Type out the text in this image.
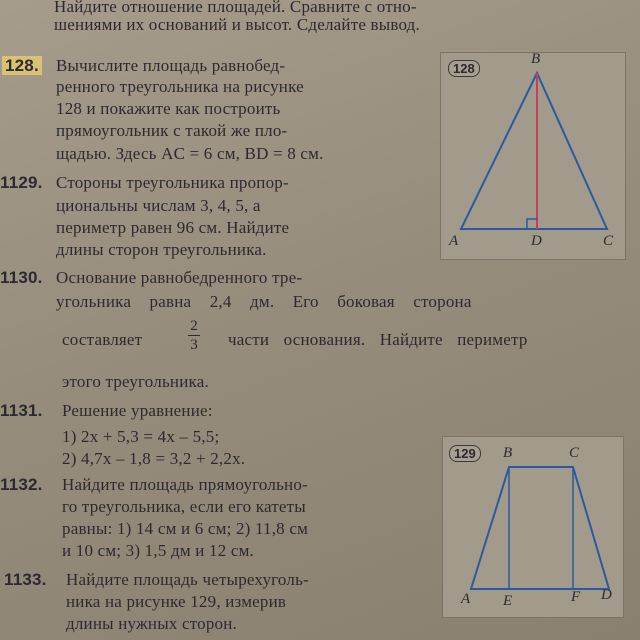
Найдите отношение площадей. Сравните с отно-
шениями их оснований и высот. Сделайте вывод.
128. Вычислите площадь равнобед-
ренного треугольника на рисунке
128 и покажите как построить
прямоугольник с такой же пло-
щадью. Здесь AC = 6 см, BD = 8 см.
128
B
A	D	C
1129. Стороны треугольника пропор-
циональны числам 3, 4, 5, а
периметр равен 96 см. Найдите
длины сторон треугольника.
1130. Основание равнобедренного тре-
угольника равна 2,4 дм. Его боковая сторона
составляет
2
3 части основания. Найдите периметр
этого треугольника.
1131. Решение уравнение:
1) 2x + 5,3 = 4x – 5,5;
2) 4,7x – 1,8 = 3,2 + 2,2x.
1132. Найдите площадь прямоугольно-
го треугольника, если его катеты
равны: 1) 14 см и 6 см; 2) 11,8 см
и 10 см; 3) 1,5 дм и 12 см.
1133. Найдите площадь четырехуголь-
ника на рисунке 129, измерив
длины нужных сторон.
129	B	C
A E	F D
